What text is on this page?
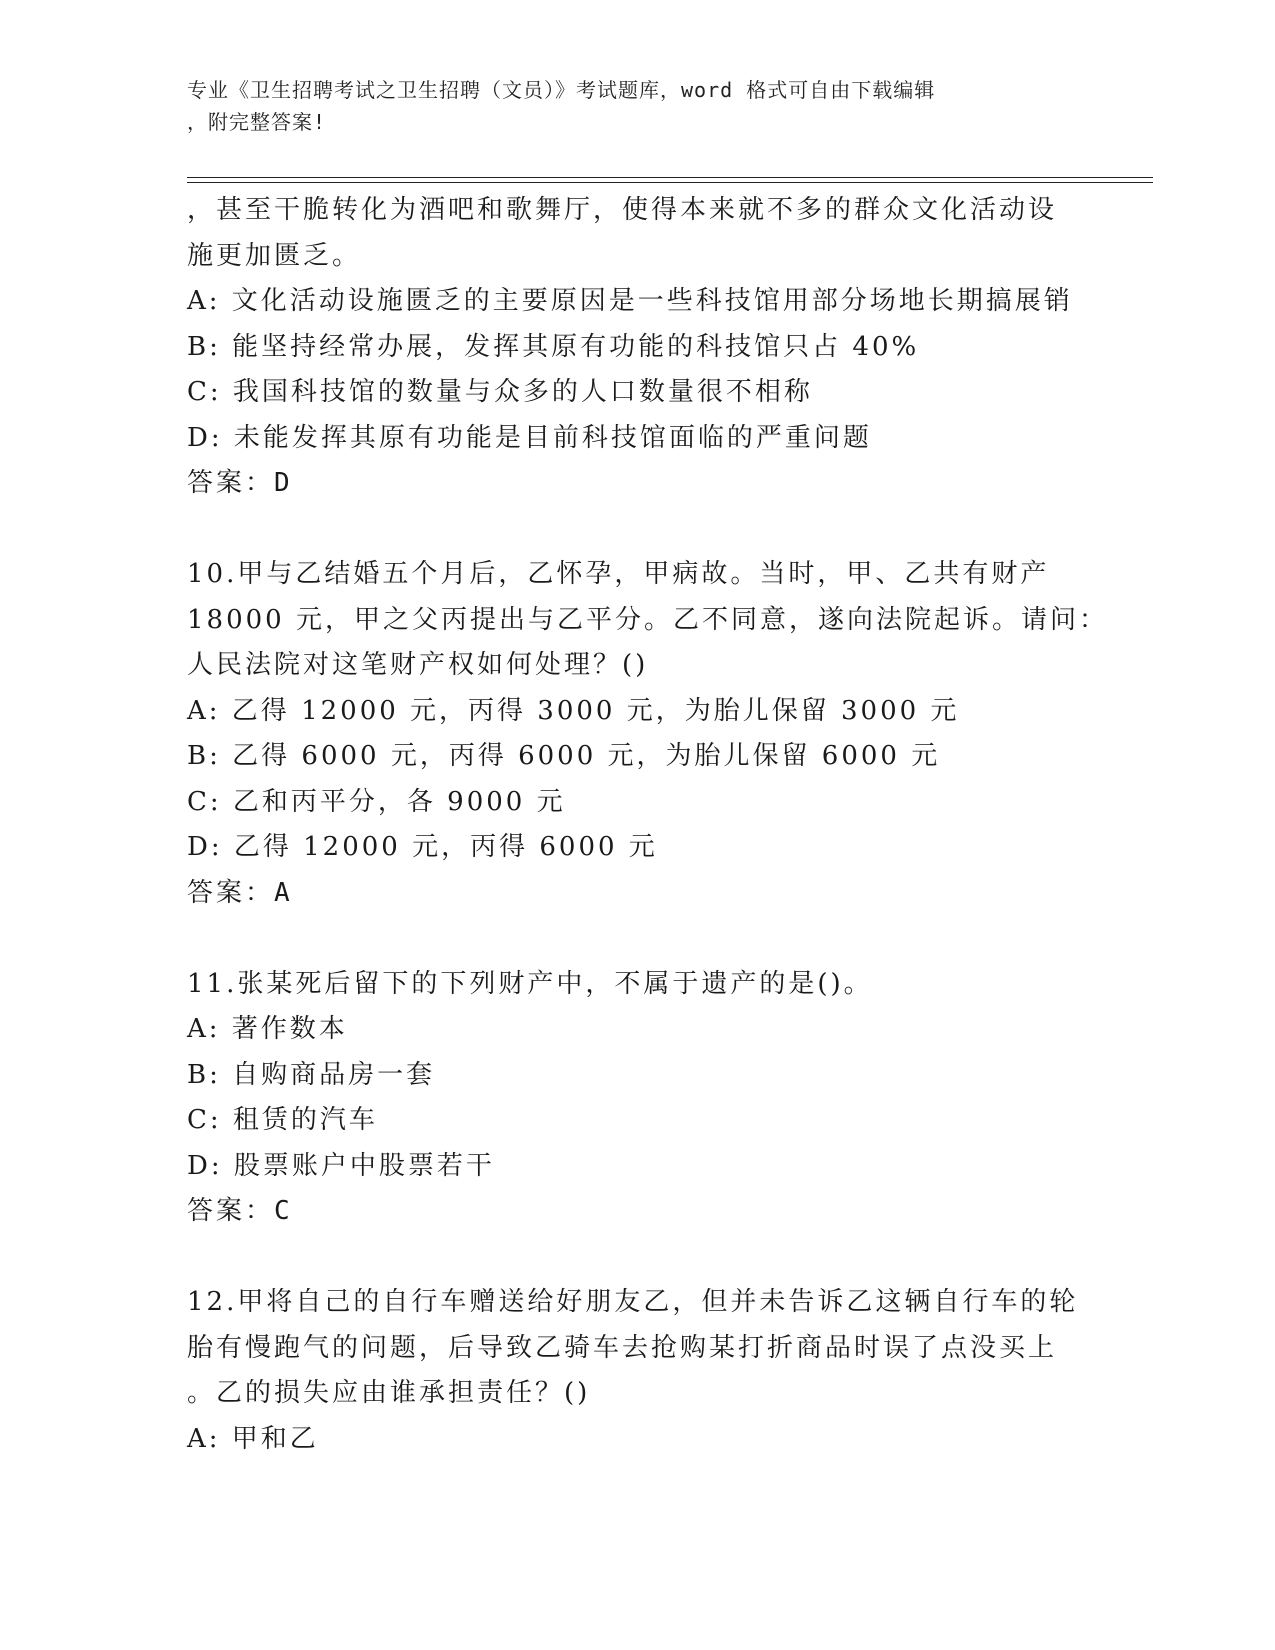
专业《卫生招聘考试之卫生招聘（文员）》考试题库，word 格式可自由下载编辑
，附完整答案!
，甚至干脆转化为酒吧和歌舞厅，使得本来就不多的群众文化活动设
施更加匮乏。
A: 文化活动设施匮乏的主要原因是一些科技馆用部分场地长期搞展销
B: 能坚持经常办展，发挥其原有功能的科技馆只占 40%
C: 我国科技馆的数量与众多的人口数量很不相称
D: 未能发挥其原有功能是目前科技馆面临的严重问题
答案：D
10.甲与乙结婚五个月后，乙怀孕，甲病故。当时，甲、乙共有财产
18000 元，甲之父丙提出与乙平分。乙不同意，遂向法院起诉。请问：
人民法院对这笔财产权如何处理？()
A: 乙得 12000 元，丙得 3000 元，为胎儿保留 3000 元
B: 乙得 6000 元，丙得 6000 元，为胎儿保留 6000 元
C: 乙和丙平分，各 9000 元
D: 乙得 12000 元，丙得 6000 元
答案：A
11.张某死后留下的下列财产中，不属于遗产的是()。
A: 著作数本
B: 自购商品房一套
C: 租赁的汽车
D: 股票账户中股票若干
答案：C
12.甲将自己的自行车赠送给好朋友乙，但并未告诉乙这辆自行车的轮
胎有慢跑气的问题，后导致乙骑车去抢购某打折商品时误了点没买上
。乙的损失应由谁承担责任？()
A: 甲和乙
